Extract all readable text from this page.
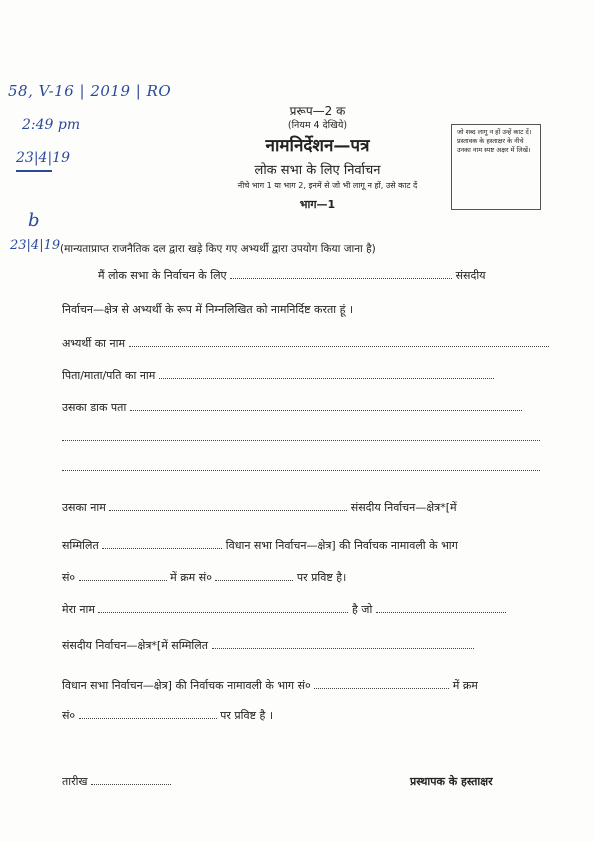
58, V-16 | 2019 | RO
2:49 pm
23|4|19
b
23|4|19
प्ररूप—2 क
(नियम 4 देखिये)
नामनिर्देशन—पत्र
लोक सभा के लिए निर्वाचन
नीचे भाग 1 या भाग 2, इनमें से जो भी लागू न हों, उसे काट दें
भाग—1
जो शब्द लागू न हों उन्हें काट दें। प्रस्तावक के हस्ताक्षर के नीचे उनका नाम स्पष्ट अक्षर में लिखें।
(मान्यताप्राप्त राजनैतिक दल द्वारा खड़े किए गए अभ्यर्थी द्वारा उपयोग किया जाना है)
मैं लोक सभा के निर्वाचन के लिए	संसदीय
निर्वाचन—क्षेत्र से अभ्यर्थी के रूप में निम्नलिखित को नामनिर्दिष्ट करता हूं ।
अभ्यर्थी का नाम
पिता/माता/पति का नाम
उसका डाक पता
उसका नाम	संसदीय निर्वाचन—क्षेत्र*[में
सम्मिलित	विधान सभा निर्वाचन—क्षेत्र] की निर्वाचक नामावली के भाग
सं०	में क्रम सं०	पर प्रविष्ट है।
मेरा नाम	है जो
संसदीय निर्वाचन—क्षेत्र*[में सम्मिलित
विधान सभा निर्वाचन—क्षेत्र] की निर्वाचक नामावली के भाग सं०	में क्रम
सं०	पर प्रविष्ट है ।
तारीख	प्रस्थापक के हस्ताक्षर
